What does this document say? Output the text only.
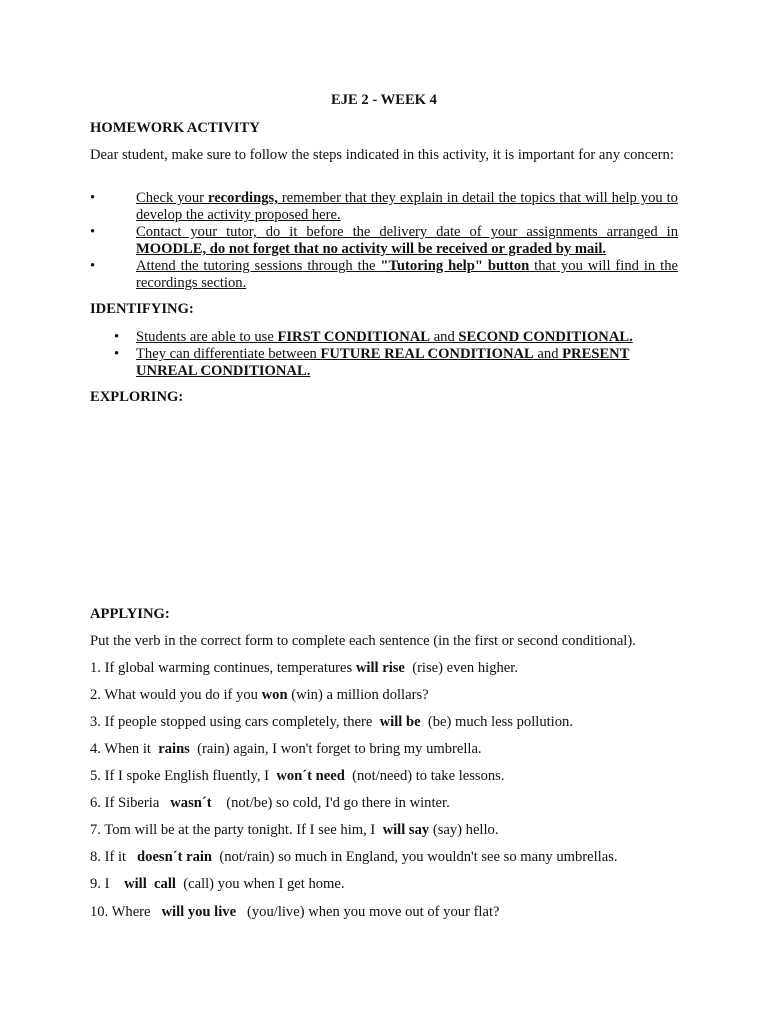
EJE 2 - WEEK 4
HOMEWORK ACTIVITY
Dear student, make sure to follow the steps indicated in this activity, it is important for any concern:
•	Check your recordings, remember that they explain in detail the topics that will help you to develop the activity proposed here.
•	Contact your tutor, do it before the delivery date of your assignments arranged in MOODLE, do not forget that no activity will be received or graded by mail.
•	Attend the tutoring sessions through the "Tutoring help" button that you will find in the recordings section.
IDENTIFYING:
• Students are able to use FIRST CONDITIONAL and SECOND CONDITIONAL.
• They can differentiate between FUTURE REAL CONDITIONAL and PRESENT UNREAL CONDITIONAL.
EXPLORING:
APPLYING:
Put the verb in the correct form to complete each sentence (in the first or second conditional).
1. If global warming continues, temperatures will rise  (rise) even higher.
2. What would you do if you won (win) a million dollars?
3. If people stopped using cars completely, there  will be  (be) much less pollution.
4. When it  rains  (rain) again, I won't forget to bring my umbrella.
5. If I spoke English fluently, I  won´t need  (not/need) to take lessons.
6. If Siberia   wasn´t    (not/be) so cold, I'd go there in winter.
7. Tom will be at the party tonight. If I see him, I  will say (say) hello.
8. If it   doesn´t rain  (not/rain) so much in England, you wouldn't see so many umbrellas.
9. I    will  call  (call) you when I get home.
10. Where   will you live   (you/live) when you move out of your flat?
